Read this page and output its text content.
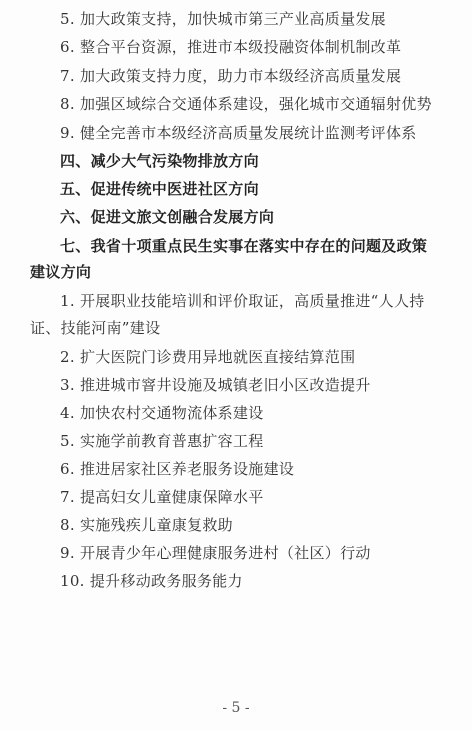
5. 加大政策支持，加快城市第三产业高质量发展
6. 整合平台资源，推进市本级投融资体制机制改革
7. 加大政策支持力度，助力市本级经济高质量发展
8. 加强区域综合交通体系建设，强化城市交通辐射优势
9. 健全完善市本级经济高质量发展统计监测考评体系
四、减少大气污染物排放方向
五、促进传统中医进社区方向
六、促进文旅文创融合发展方向
七、我省十项重点民生实事在落实中存在的问题及政策
建议方向
1. 开展职业技能培训和评价取证，高质量推进“人人持
证、技能河南”建设
2. 扩大医院门诊费用异地就医直接结算范围
3. 推进城市窨井设施及城镇老旧小区改造提升
4. 加快农村交通物流体系建设
5. 实施学前教育普惠扩容工程
6. 推进居家社区养老服务设施建设
7. 提高妇女儿童健康保障水平
8. 实施残疾儿童康复救助
9. 开展青少年心理健康服务进村（社区）行动
10. 提升移动政务服务能力
- 5 -
